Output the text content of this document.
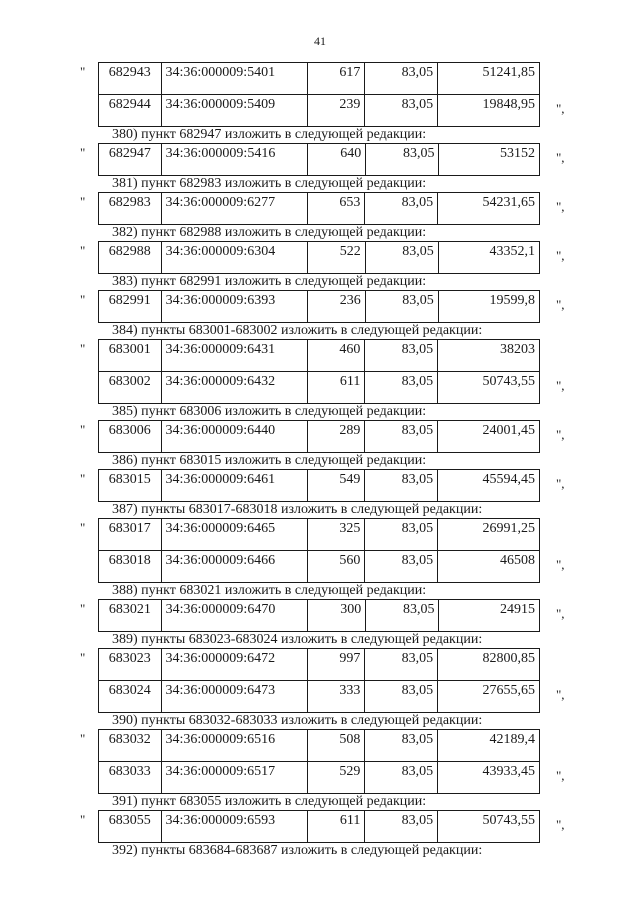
41
" 682943	34:36:000009:5401	617	83,05	51241,85
682944	34:36:000009:5409	239	83,05	19848,95 ",
380) пункт 682947 изложить в следующей редакции:
" 682947	34:36:000009:5416	640	83,05	53152 ",
381) пункт 682983 изложить в следующей редакции:
" 682983	34:36:000009:6277	653	83,05	54231,65 ",
382) пункт 682988 изложить в следующей редакции:
" 682988	34:36:000009:6304	522	83,05	43352,1 ",
383) пункт 682991 изложить в следующей редакции:
" 682991	34:36:000009:6393	236	83,05	19599,8 ",
384) пункты 683001-683002 изложить в следующей редакции:
" 683001	34:36:000009:6431	460	83,05	38203
683002	34:36:000009:6432	611	83,05	50743,55 ",
385) пункт 683006 изложить в следующей редакции:
" 683006	34:36:000009:6440	289	83,05	24001,45 ",
386) пункт 683015 изложить в следующей редакции:
" 683015	34:36:000009:6461	549	83,05	45594,45 ",
387) пункты 683017-683018 изложить в следующей редакции:
" 683017	34:36:000009:6465	325	83,05	26991,25
683018	34:36:000009:6466	560	83,05	46508 ",
388) пункт 683021 изложить в следующей редакции:
" 683021	34:36:000009:6470	300	83,05	24915 ",
389) пункты 683023-683024 изложить в следующей редакции:
" 683023	34:36:000009:6472	997	83,05	82800,85
683024	34:36:000009:6473	333	83,05	27655,65 ",
390) пункты 683032-683033 изложить в следующей редакции:
" 683032	34:36:000009:6516	508	83,05	42189,4
683033	34:36:000009:6517	529	83,05	43933,45 ",
391) пункт 683055 изложить в следующей редакции:
" 683055	34:36:000009:6593	611	83,05	50743,55 ",
392) пункты 683684-683687 изложить в следующей редакции:
